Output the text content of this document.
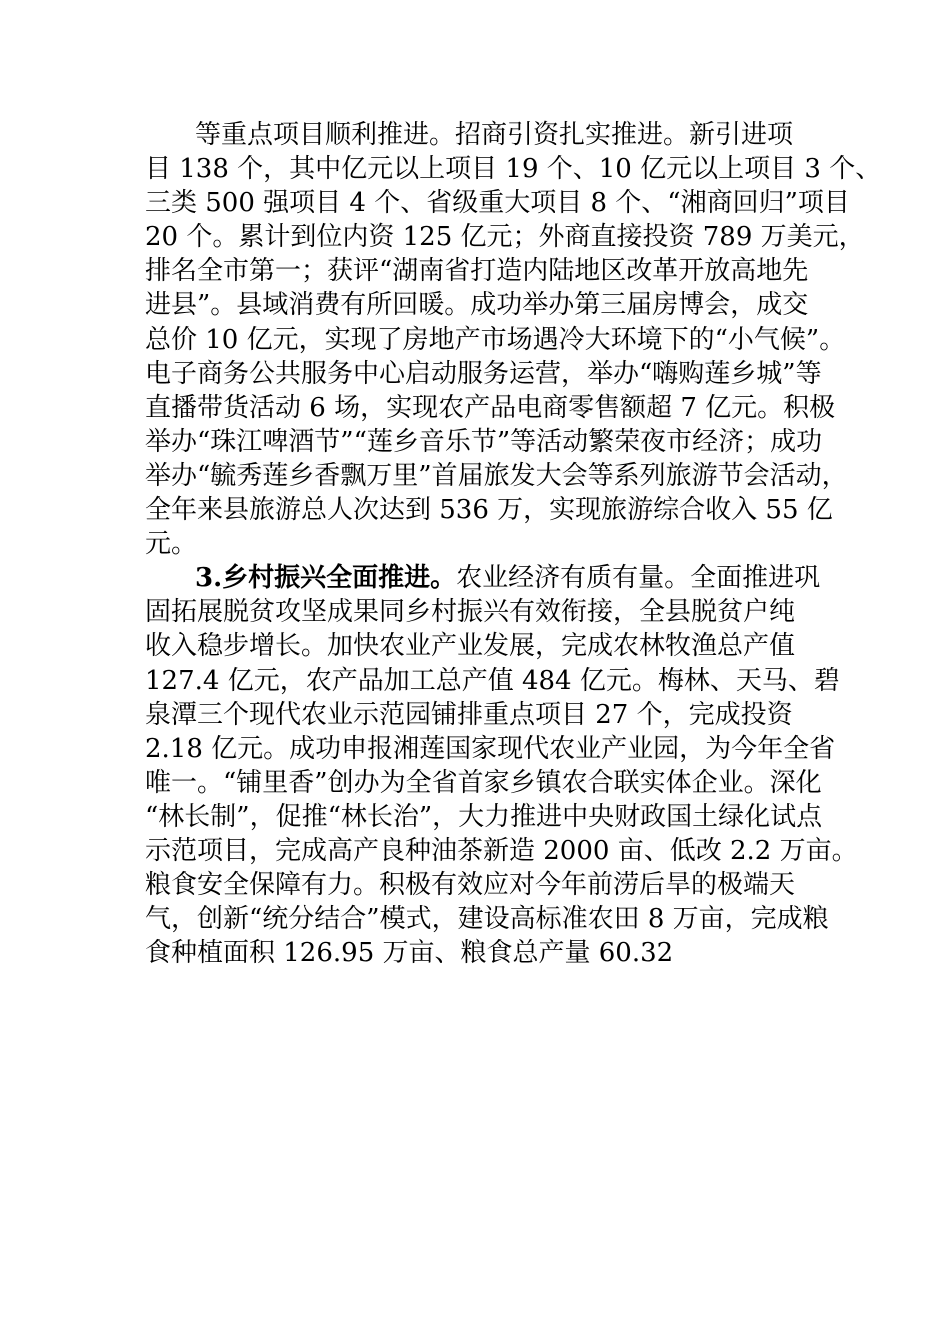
等重点项目顺利推进。招商引资扎实推进。新引进项
目 138 个，其中亿元以上项目 19 个、10 亿元以上项目 3 个、
三类 500 强项目 4 个、省级重大项目 8 个、“湘商回归”项目
20 个。累计到位内资 125 亿元；外商直接投资 789 万美元，
排名全市第一；获评“湖南省打造内陆地区改革开放高地先
进县”。县域消费有所回暖。成功举办第三届房博会，成交
总价 10 亿元，实现了房地产市场遇冷大环境下的“小气候”。
电子商务公共服务中心启动服务运营，举办“嗨购莲乡城”等
直播带货活动 6 场，实现农产品电商零售额超 7 亿元。积极
举办“珠江啤酒节”“莲乡音乐节”等活动繁荣夜市经济；成功
举办“毓秀莲乡香飘万里”首届旅发大会等系列旅游节会活动，
全年来县旅游总人次达到 536 万，实现旅游综合收入 55 亿
元。
3.乡村振兴全面推进。农业经济有质有量。全面推进巩
固拓展脱贫攻坚成果同乡村振兴有效衔接，全县脱贫户纯
收入稳步增长。加快农业产业发展，完成农林牧渔总产值
127.4 亿元，农产品加工总产值 484 亿元。梅林、天马、碧
泉潭三个现代农业示范园铺排重点项目 27 个，完成投资
2.18 亿元。成功申报湘莲国家现代农业产业园，为今年全省
唯一。“铺里香”创办为全省首家乡镇农合联实体企业。深化
“林长制”，促推“林长治”，大力推进中央财政国土绿化试点
示范项目，完成高产良种油茶新造 2000 亩、低改 2.2 万亩。
粮食安全保障有力。积极有效应对今年前涝后旱的极端天
气，创新“统分结合”模式，建设高标准农田 8 万亩，完成粮
食种植面积 126.95 万亩、粮食总产量 60.32
